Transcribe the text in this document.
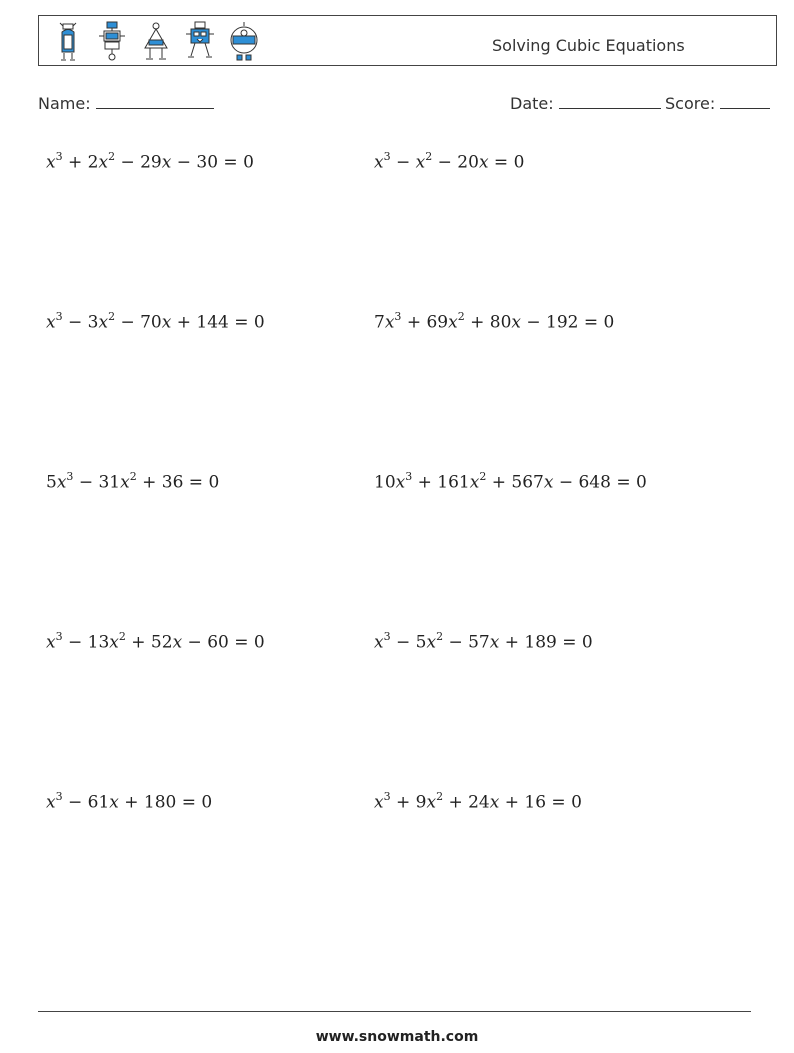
Solving Cubic Equations
Name:	Date:	Score:
$x^3 + 2x^2 - 29x - 30 = 0$	$x^3 - x^2 - 20x = 0$
$x^3 - 3x^2 - 70x + 144 = 0$	$7x^3 + 69x^2 + 80x - 192 = 0$
$5x^3 - 31x^2 + 36 = 0$	$10x^3 + 161x^2 + 567x - 648 = 0$
$x^3 - 13x^2 + 52x - 60 = 0$	$x^3 - 5x^2 - 57x + 189 = 0$
$x^3 - 61x + 180 = 0$	$x^3 + 9x^2 + 24x + 16 = 0$
www.snowmath.com
